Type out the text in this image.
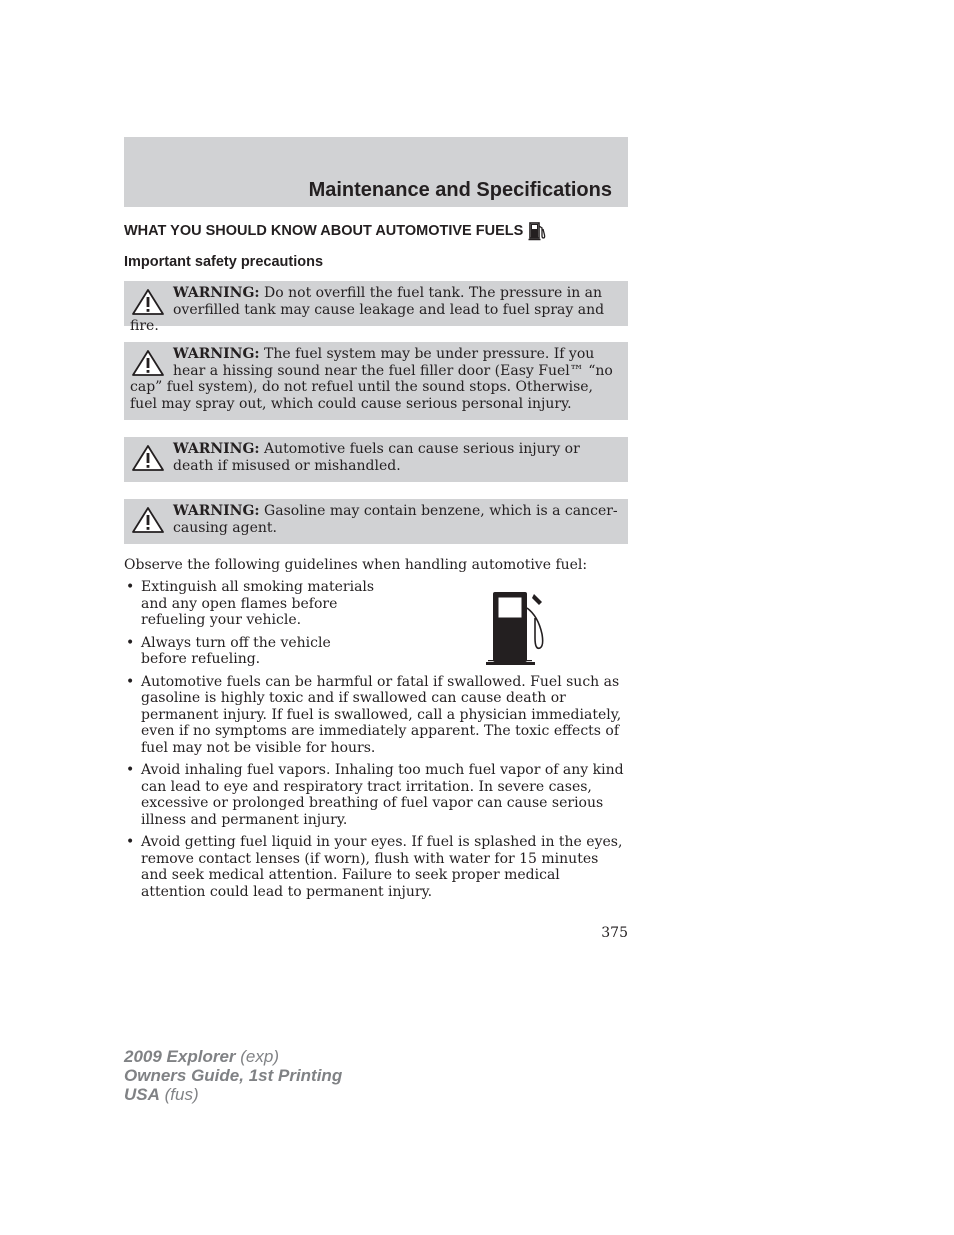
Maintenance and Specifications
WHAT YOU SHOULD KNOW ABOUT AUTOMOTIVE FUELS
Important safety precautions
WARNING: Do not overfill the fuel tank. The pressure in an overfilled tank may cause leakage and lead to fuel spray and fire.
WARNING: The fuel system may be under pressure. If you hear a hissing sound near the fuel filler door (Easy Fuel™ “no cap” fuel system), do not refuel until the sound stops. Otherwise, fuel may spray out, which could cause serious personal injury.
WARNING: Automotive fuels can cause serious injury or death if misused or mishandled.
WARNING: Gasoline may contain benzene, which is a cancer-causing agent.
Observe the following guidelines when handling automotive fuel:
• Extinguish all smoking materials and any open flames before refueling your vehicle.
• Always turn off the vehicle before refueling.
• Automotive fuels can be harmful or fatal if swallowed. Fuel such as gasoline is highly toxic and if swallowed can cause death or permanent injury. If fuel is swallowed, call a physician immediately, even if no symptoms are immediately apparent. The toxic effects of fuel may not be visible for hours.
• Avoid inhaling fuel vapors. Inhaling too much fuel vapor of any kind can lead to eye and respiratory tract irritation. In severe cases, excessive or prolonged breathing of fuel vapor can cause serious illness and permanent injury.
• Avoid getting fuel liquid in your eyes. If fuel is splashed in the eyes, remove contact lenses (if worn), flush with water for 15 minutes and seek medical attention. Failure to seek proper medical attention could lead to permanent injury.
375
2009 Explorer (exp)
Owners Guide, 1st Printing
USA (fus)
